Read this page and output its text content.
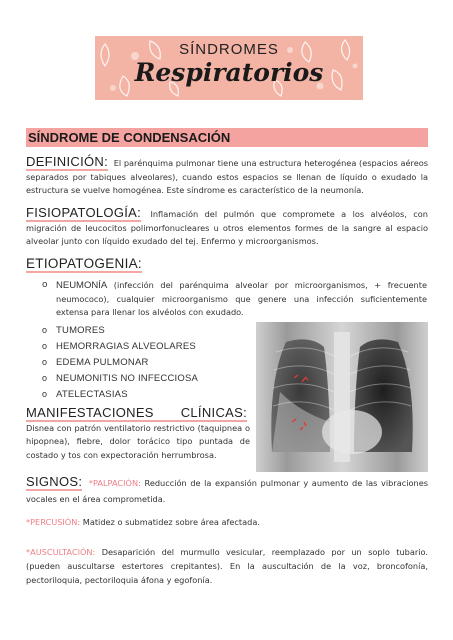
SÍNDROMES
Respiratorios
SÍNDROME DE CONDENSACIÓN
DEFINICIÓN: El parénquima pulmonar tiene una estructura heterogénea (espacios aéreos separados por tabiques alveolares), cuando estos espacios se llenan de líquido o exudado la estructura se vuelve homogénea. Este síndrome es característico de la neumonía.
FISIOPATOLOGÍA: Inflamación del pulmón que compromete a los alvéolos, con migración de leucocitos polimorfonucleares u otros elementos formes de la sangre al espacio alveolar junto con líquido exudado del tej. Enfermo y microorganismos.
ETIOPATOGENIA:
o NEUMONÍA (infección del parénquima alveolar por microorganismos, + frecuente neumococo), cualquier microorganismo que genere una infección suficientemente extensa para llenar los alvéolos con exudado.
o TUMORES
o HEMORRAGIAS ALVEOLARES
o EDEMA PULMONAR
o NEUMONITIS NO INFECCIOSA
o ATELECTASIAS
MANIFESTACIONES CLÍNICAS: Disnea con patrón ventilatorio restrictivo (taquipnea o hipopnea), fiebre, dolor torácico tipo puntada de costado y tos con expectoración herrumbrosa.
SIGNOS: *PALPACIÓN: Reducción de la expansión pulmonar y aumento de las vibraciones vocales en el área comprometida.
*PERCUSIÓN: Matidez o submatidez sobre área afectada.
*AUSCULTACIÓN: Desaparición del murmullo vesicular, reemplazado por un soplo tubario. (pueden auscultarse estertores crepitantes). En la auscultación de la voz, broncofonía, pectoriloquia, pectoriloquia áfona y egofonía.
